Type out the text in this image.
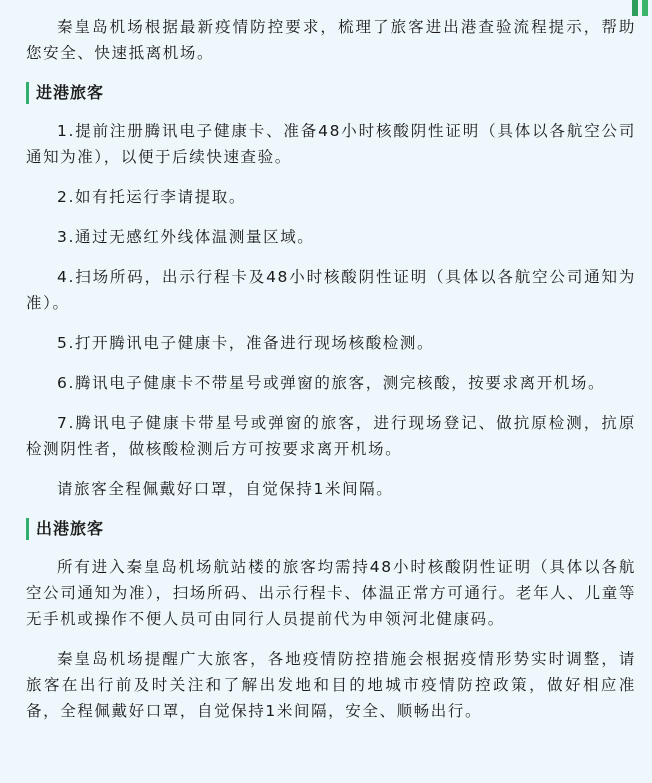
秦皇岛机场根据最新疫情防控要求，梳理了旅客进出港查验流程提示，帮助您安全、快速抵离机场。

进港旅客

1.提前注册腾讯电子健康卡、准备48小时核酸阴性证明（具体以各航空公司通知为准），以便于后续快速查验。

2.如有托运行李请提取。

3.通过无感红外线体温测量区域。

4.扫场所码，出示行程卡及48小时核酸阴性证明（具体以各航空公司通知为准）。

5.打开腾讯电子健康卡，准备进行现场核酸检测。

6.腾讯电子健康卡不带星号或弹窗的旅客，测完核酸，按要求离开机场。

7.腾讯电子健康卡带星号或弹窗的旅客，进行现场登记、做抗原检测，抗原检测阴性者，做核酸检测后方可按要求离开机场。

请旅客全程佩戴好口罩，自觉保持1米间隔。

出港旅客

所有进入秦皇岛机场航站楼的旅客均需持48小时核酸阴性证明（具体以各航空公司通知为准），扫场所码、出示行程卡、体温正常方可通行。老年人、儿童等无手机或操作不便人员可由同行人员提前代为申领河北健康码。

秦皇岛机场提醒广大旅客，各地疫情防控措施会根据疫情形势实时调整，请旅客在出行前及时关注和了解出发地和目的地城市疫情防控政策，做好相应准备，全程佩戴好口罩，自觉保持1米间隔，安全、顺畅出行。
